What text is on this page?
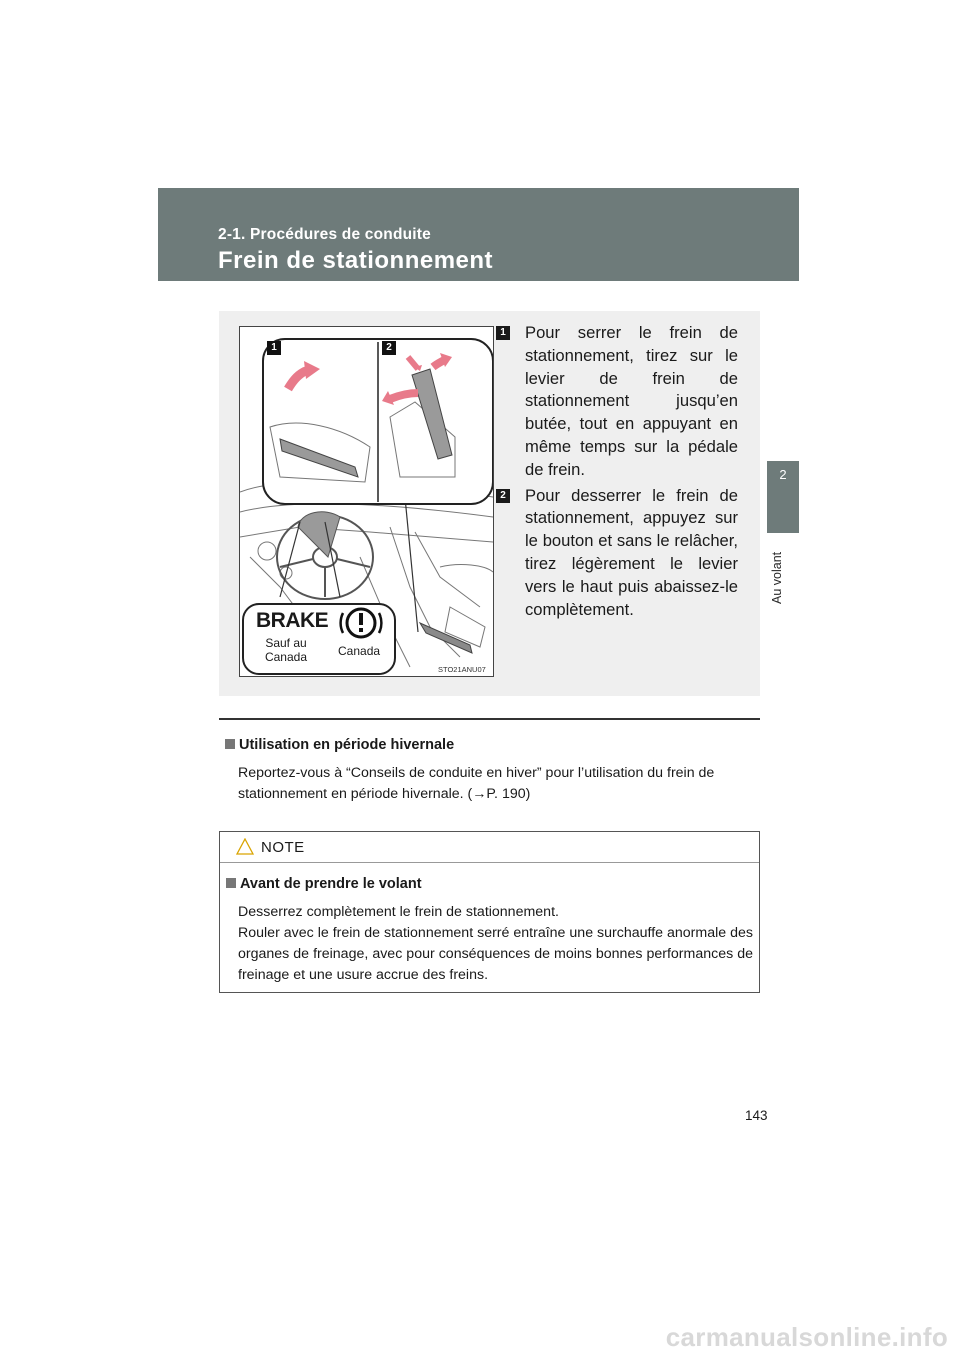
2-1. Procédures de conduite
Frein de stationnement
2
Au volant
1	2
BRAKE
Sauf au Canada	Canada
STO21ANU07
1 Pour serrer le frein de stationnement, tirez sur le levier de frein de stationnement jusqu’en butée, tout en appuyant en même temps sur la pédale de frein.
2 Pour desserrer le frein de stationnement, appuyez sur le bouton et sans le relâcher, tirez légèrement le levier vers le haut puis abaissez-le complètement.
Utilisation en période hivernale
Reportez-vous à “Conseils de conduite en hiver” pour l’utilisation du frein de stationnement en période hivernale. (→P. 190)
NOTE
Avant de prendre le volant
Desserrez complètement le frein de stationnement.
Rouler avec le frein de stationnement serré entraîne une surchauffe anormale des organes de freinage, avec pour conséquences de moins bonnes performances de freinage et une usure accrue des freins.
143
carmanualsonline.info
